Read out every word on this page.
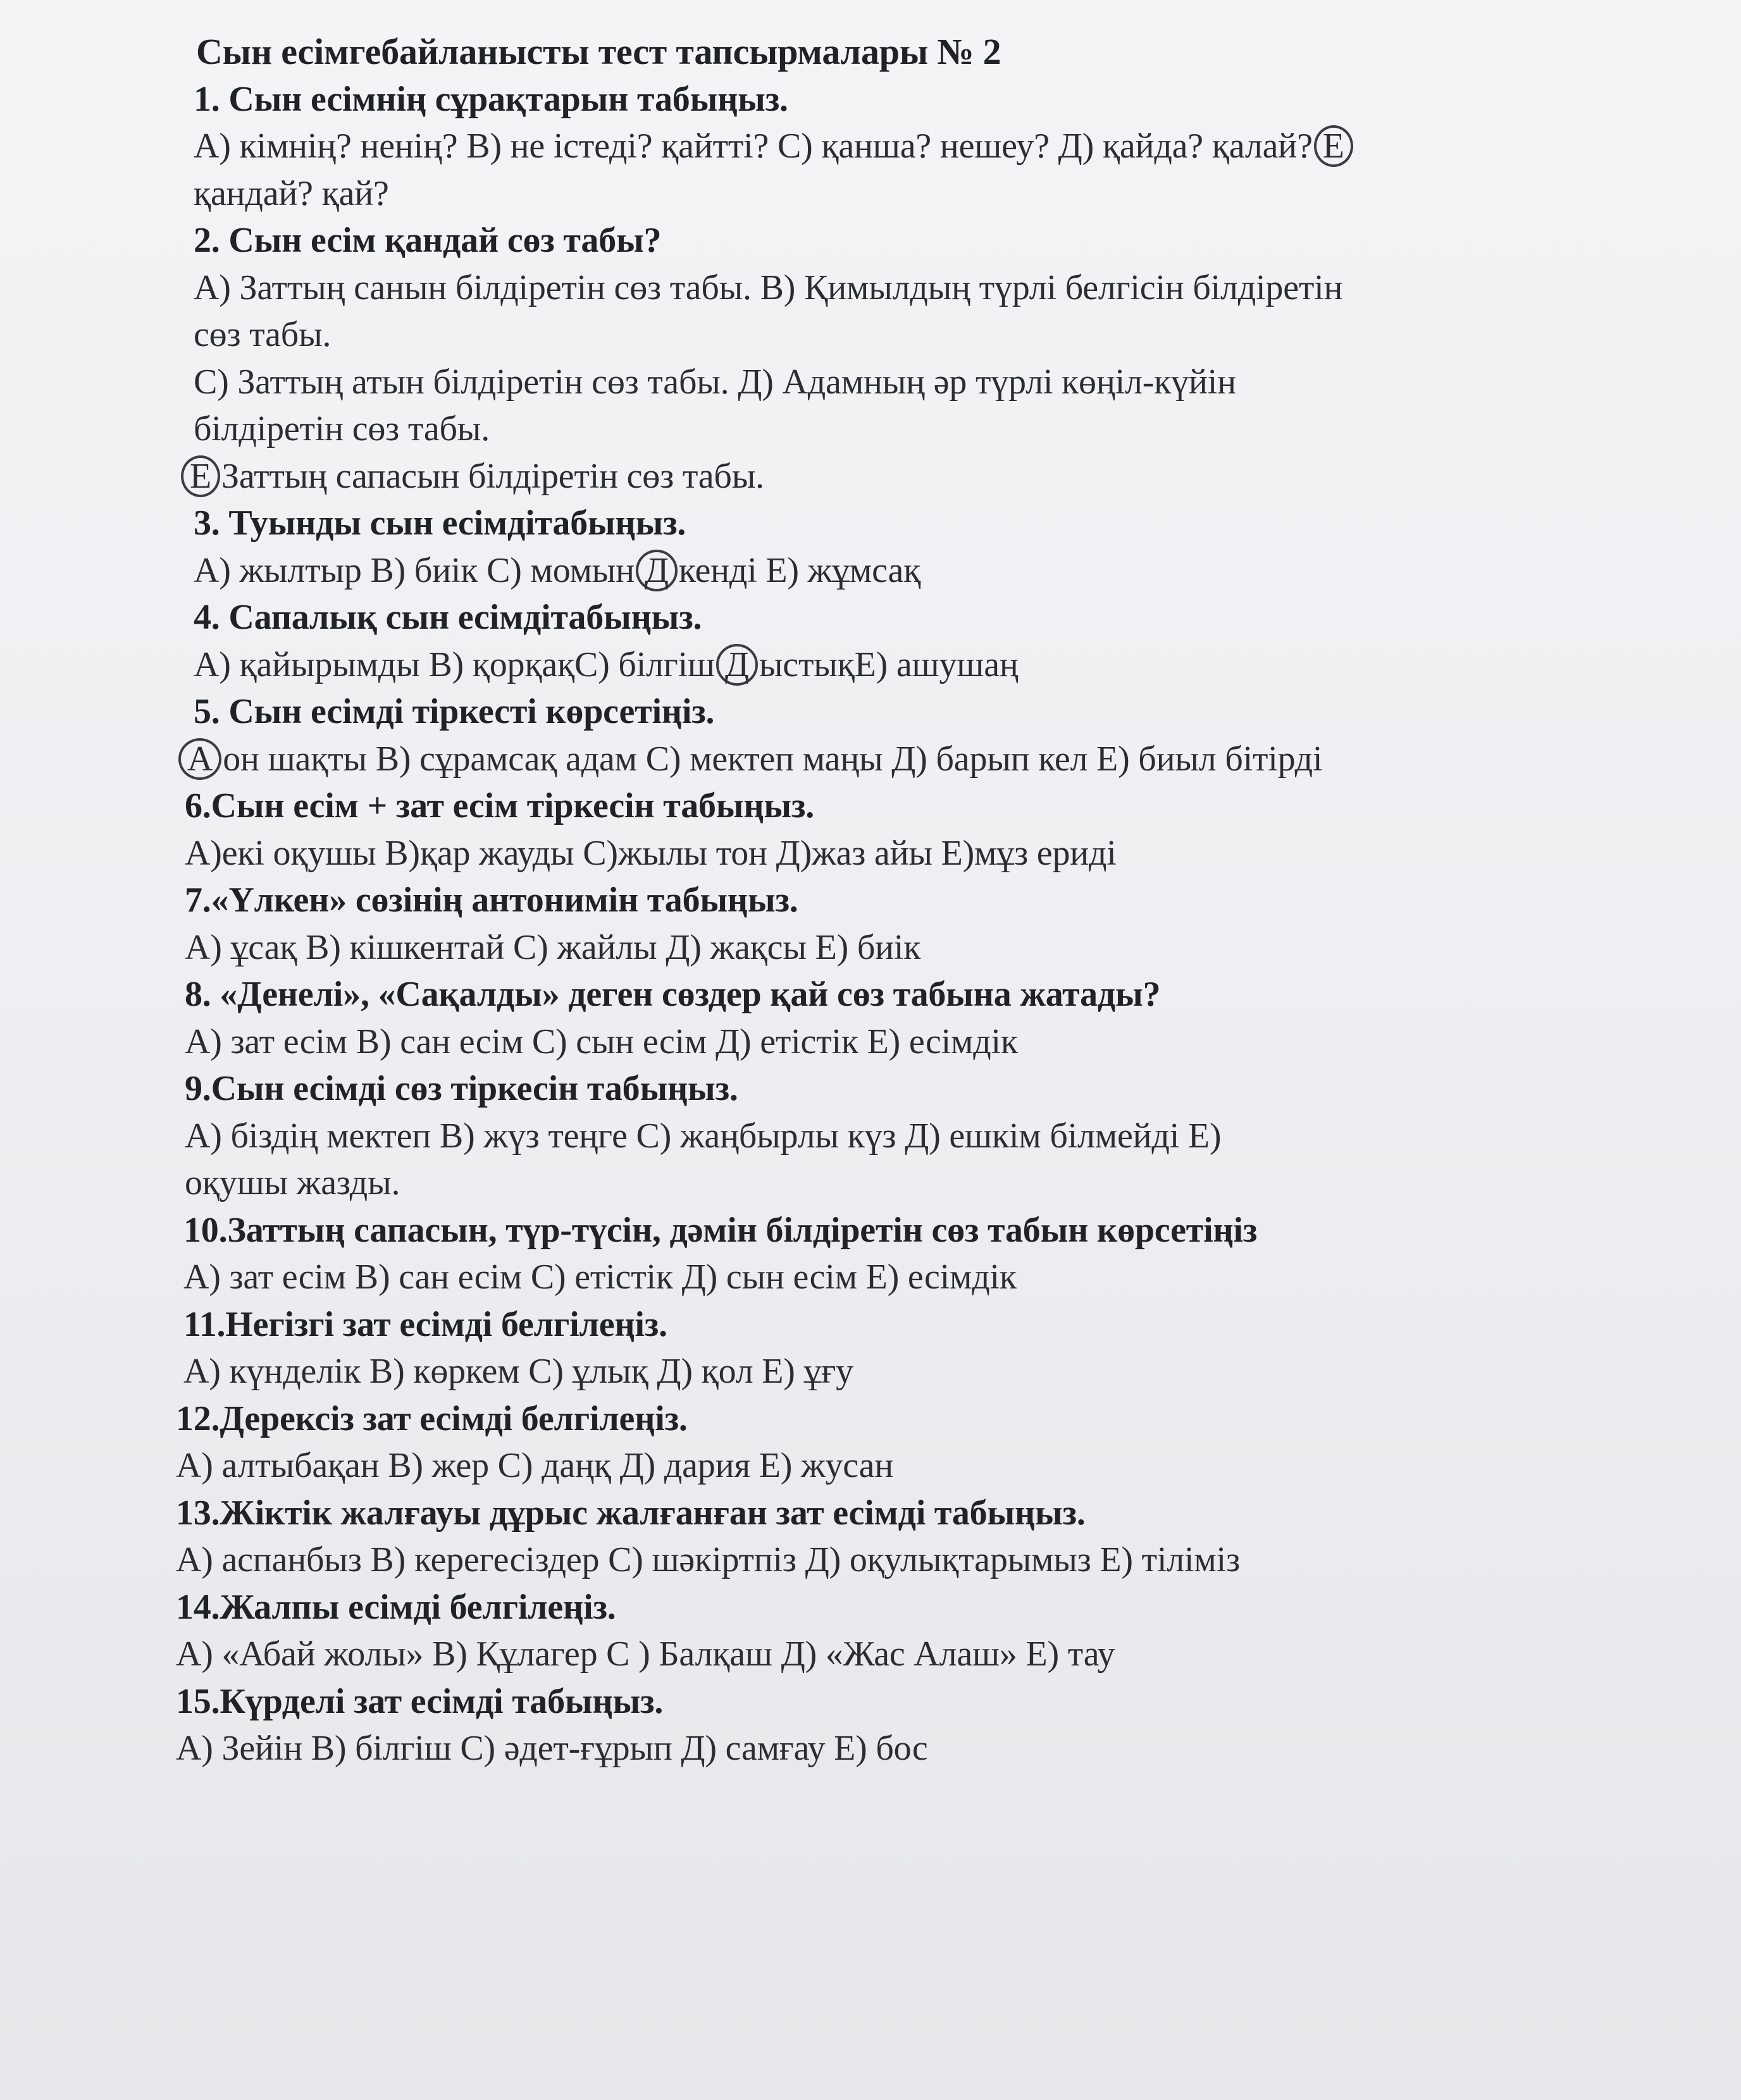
Сын есімгебайланысты тест тапсырмалары № 2
1. Сын есімнің сұрақтарын табыңыз.
А) кімнің? ненің? В) не істеді? қайтті? С) қанша? нешеу? Д) қайда? қалай? Е
қандай? қай?
2. Сын есім қандай сөз табы?
А) Заттың санын білдіретін сөз табы. В) Қимылдың түрлі белгісін білдіретін
сөз табы.
С) Заттың атын білдіретін сөз табы. Д) Адамның әр түрлі көңіл-күйін
білдіретін сөз табы.
Е Заттың сапасын білдіретін сөз табы.
3. Туынды сын есімдітабыңыз.
А) жылтыр В) биік С) момын Д кенді Е) жұмсақ
4. Сапалық сын есімдітабыңыз.
А) қайырымды В) қорқақС) білгіш Д ыстықЕ) ашушаң
5. Сын есімді тіркесті көрсетіңіз.
А он шақты В) сұрамсақ адам С) мектеп маңы Д) барып кел Е) биыл бітірді
6.Сын есім + зат есім тіркесін табыңыз.
А)екі оқушы В)қар жауды С)жылы тон Д)жаз айы Е)мұз ериді
7.«Үлкен» сөзінің антонимін табыңыз.
А) ұсақ В) кішкентай С) жайлы Д) жақсы Е) биік
8. «Денелі», «Сақалды» деген сөздер қай сөз табына жатады?
А) зат есім В) сан есім С) сын есім Д) етістік Е) есімдік
9.Сын есімді сөз тіркесін табыңыз.
А) біздің мектеп В) жүз теңге С) жаңбырлы күз Д) ешкім білмейді Е)
оқушы жазды.
10.Заттың сапасын, түр-түсін, дәмін білдіретін сөз табын көрсетіңіз
А) зат есім В) сан есім С) етістік Д) сын есім Е) есімдік
11.Негізгі зат есімді белгілеңіз.
А) күнделік В) көркем С) ұлық Д) қол Е) ұғу
12.Дерексіз зат есімді белгілеңіз.
А) алтыбақан В) жер С) даңқ Д) дария Е) жусан
13.Жіктік жалғауы дұрыс жалғанған зат есімді табыңыз.
А) аспанбыз В) керегесіздер С) шәкіртпіз Д) оқулықтарымыз Е) тіліміз
14.Жалпы есімді белгілеңіз.
А) «Абай жолы» В) Құлагер С ) Балқаш Д) «Жас Алаш» Е) тау
15.Күрделі зат есімді табыңыз.
А) Зейін В) білгіш С) әдет-ғұрып Д) самғау Е) бос
